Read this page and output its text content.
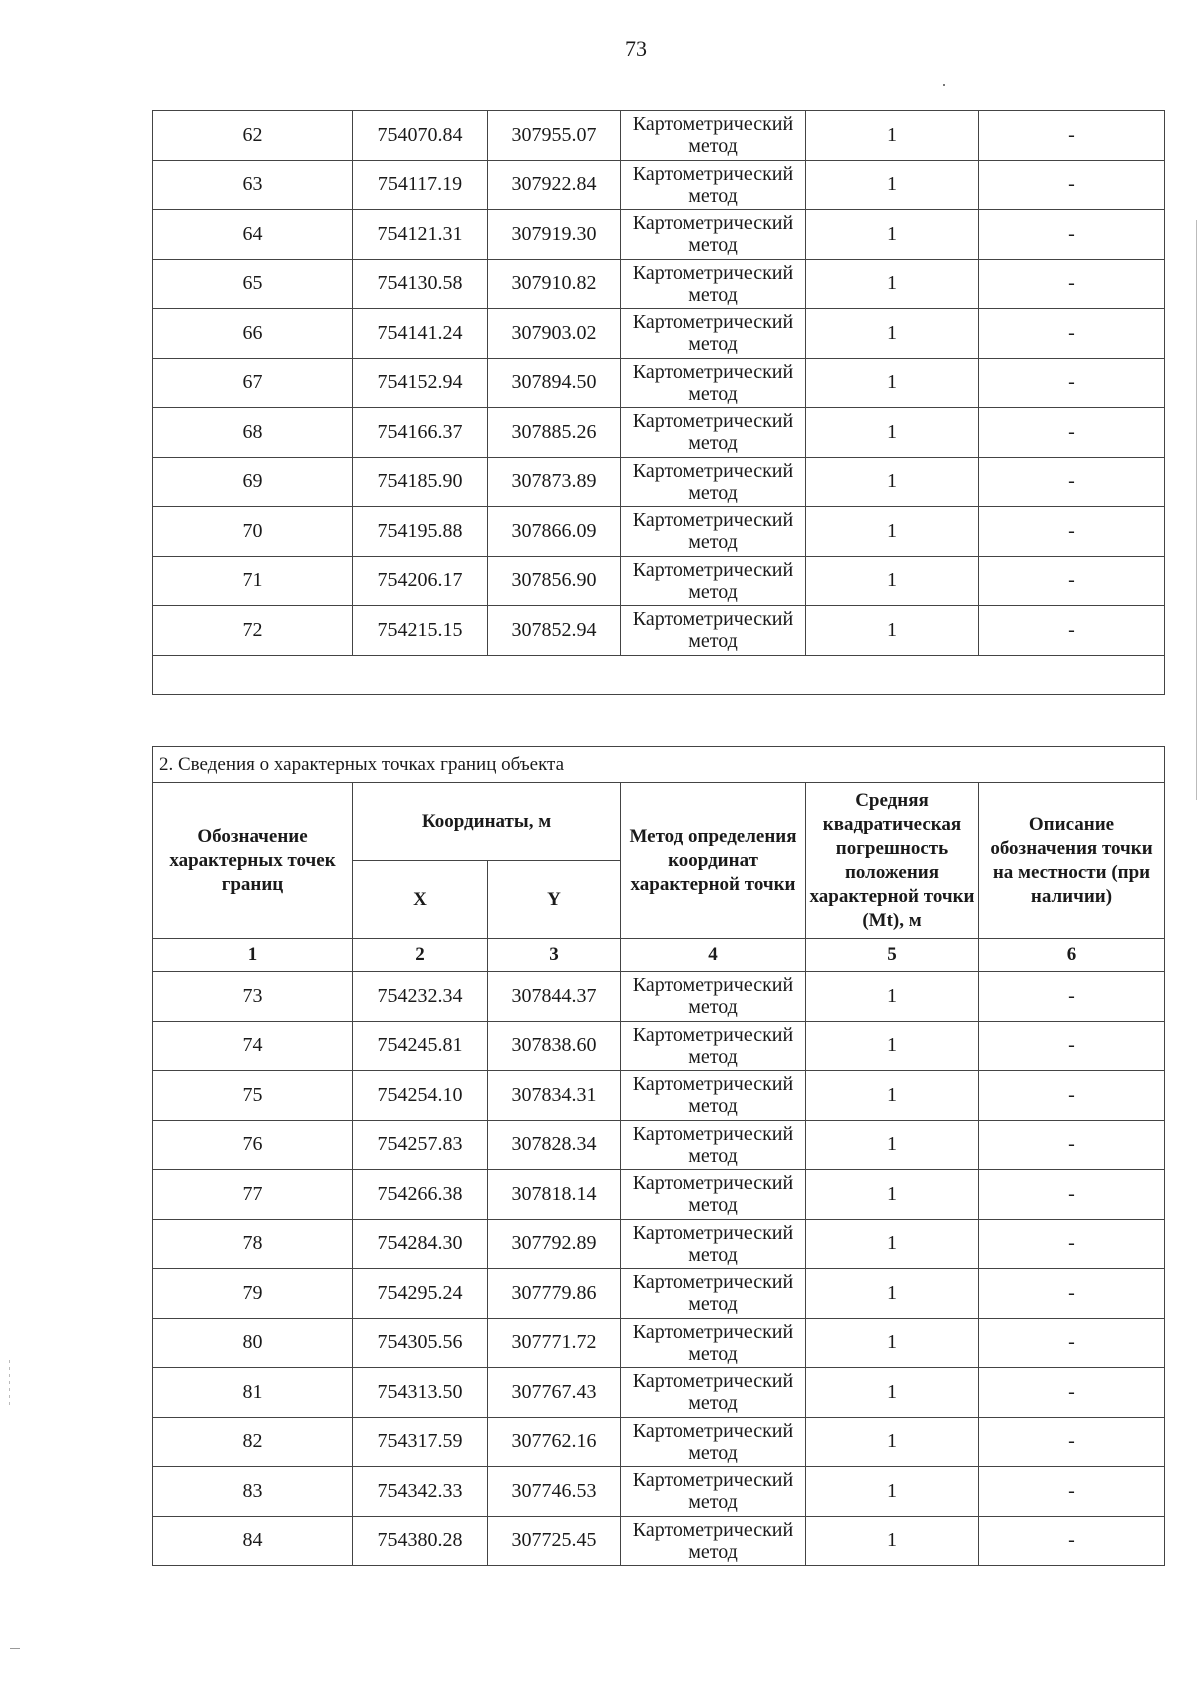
73
62	754070.84	307955.07	Картометрический метод	1	-
63	754117.19	307922.84	Картометрический метод	1	-
64	754121.31	307919.30	Картометрический метод	1	-
65	754130.58	307910.82	Картометрический метод	1	-
66	754141.24	307903.02	Картометрический метод	1	-
67	754152.94	307894.50	Картометрический метод	1	-
68	754166.37	307885.26	Картометрический метод	1	-
69	754185.90	307873.89	Картометрический метод	1	-
70	754195.88	307866.09	Картометрический метод	1	-
71	754206.17	307856.90	Картометрический метод	1	-
72	754215.15	307852.94	Картометрический метод	1	-

2. Сведения о характерных точках границ объекта					
Обозначение характерных точек границ	Координаты, м		Метод определения координат характерной точки	Средняя квадратическая погрешность положения характерной точки (Mt), м	Описание обозначения точки на местности (при наличии)
	X	Y			
1	2	3	4	5	6
73	754232.34	307844.37	Картометрический метод	1	-
74	754245.81	307838.60	Картометрический метод	1	-
75	754254.10	307834.31	Картометрический метод	1	-
76	754257.83	307828.34	Картометрический метод	1	-
77	754266.38	307818.14	Картометрический метод	1	-
78	754284.30	307792.89	Картометрический метод	1	-
79	754295.24	307779.86	Картометрический метод	1	-
80	754305.56	307771.72	Картометрический метод	1	-
81	754313.50	307767.43	Картометрический метод	1	-
82	754317.59	307762.16	Картометрический метод	1	-
83	754342.33	307746.53	Картометрический метод	1	-
84	754380.28	307725.45	Картометрический метод	1	-
